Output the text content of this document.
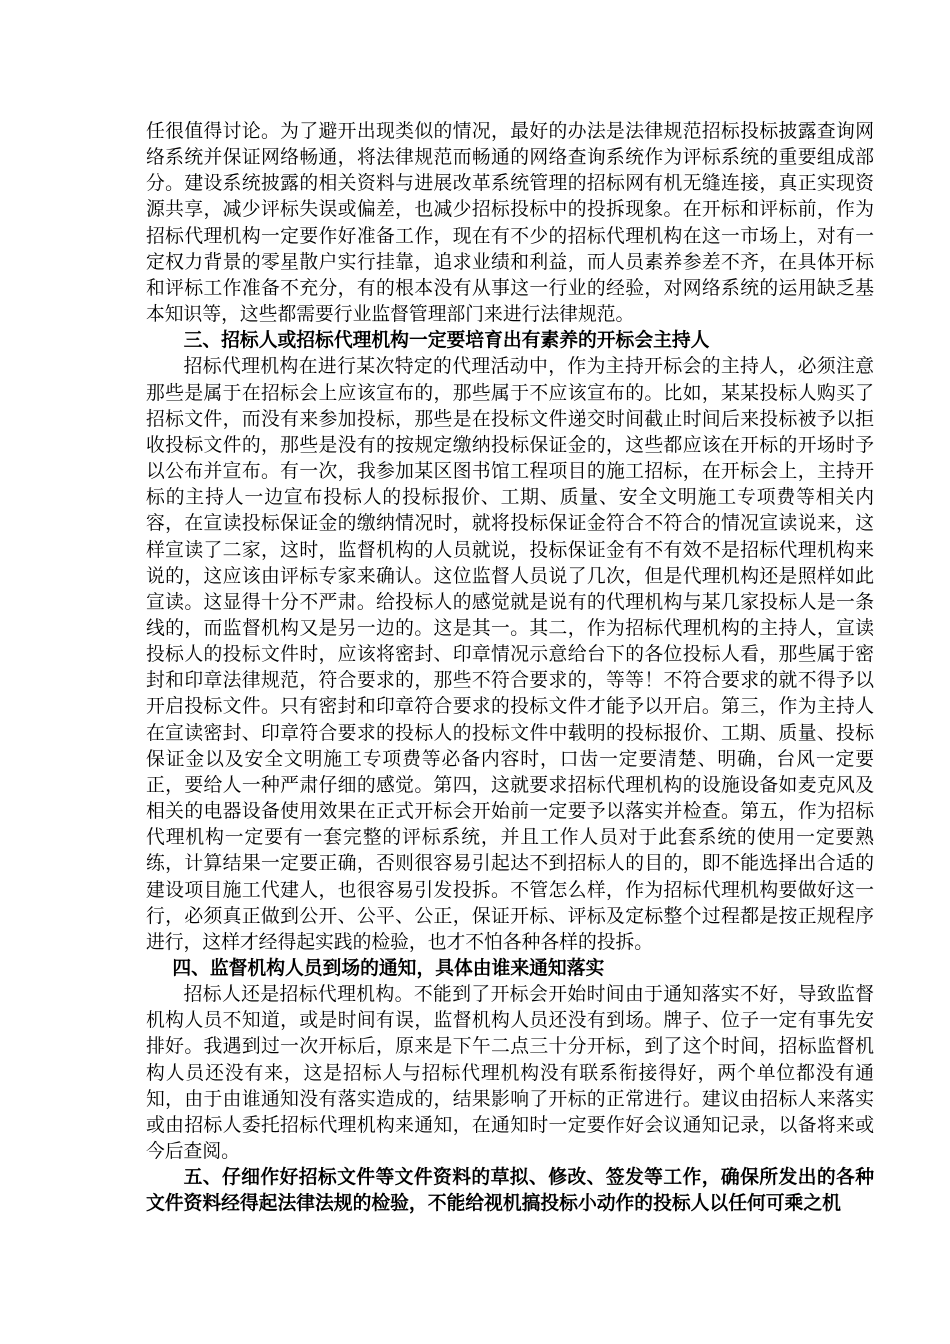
任很值得讨论。为了避开出现类似的情况，最好的办法是法律规范招标投标披露查询网络系统并保证网络畅通，将法律规范而畅通的网络查询系统作为评标系统的重要组成部分。建设系统披露的相关资料与进展改革系统管理的招标网有机无缝连接，真正实现资源共享，减少评标失误或偏差，也减少招标投标中的投拆现象。在开标和评标前，作为招标代理机构一定要作好准备工作，现在有不少的招标代理机构在这一市场上，对有一定权力背景的零星散户实行挂靠，追求业绩和利益，而人员素养参差不齐，在具体开标和评标工作准备不充分，有的根本没有从事这一行业的经验，对网络系统的运用缺乏基本知识等，这些都需要行业监督管理部门来进行法律规范。

三、招标人或招标代理机构一定要培育出有素养的开标会主持人

招标代理机构在进行某次特定的代理活动中，作为主持开标会的主持人，必须注意那些是属于在招标会上应该宣布的，那些属于不应该宣布的。比如，某某投标人购买了招标文件，而没有来参加投标，那些是在投标文件递交时间截止时间后来投标被予以拒收投标文件的，那些是没有的按规定缴纳投标保证金的，这些都应该在开标的开场时予以公布并宣布。有一次，我参加某区图书馆工程项目的施工招标，在开标会上，主持开标的主持人一边宣布投标人的投标报价、工期、质量、安全文明施工专项费等相关内容，在宣读投标保证金的缴纳情况时，就将投标保证金符合不符合的情况宣读说来，这样宣读了二家，这时，监督机构的人员就说，投标保证金有不有效不是招标代理机构来说的，这应该由评标专家来确认。这位监督人员说了几次，但是代理机构还是照样如此宣读。这显得十分不严肃。给投标人的感觉就是说有的代理机构与某几家投标人是一条线的，而监督机构又是另一边的。这是其一。其二，作为招标代理机构的主持人，宣读投标人的投标文件时，应该将密封、印章情况示意给台下的各位投标人看，那些属于密封和印章法律规范，符合要求的，那些不符合要求的，等等！不符合要求的就不得予以开启投标文件。只有密封和印章符合要求的投标文件才能予以开启。第三，作为主持人在宣读密封、印章符合要求的投标人的投标文件中载明的投标报价、工期、质量、投标保证金以及安全文明施工专项费等必备内容时，口齿一定要清楚、明确，台风一定要正，要给人一种严肃仔细的感觉。第四，这就要求招标代理机构的设施设备如麦克风及相关的电器设备使用效果在正式开标会开始前一定要予以落实并检查。第五，作为招标代理机构一定要有一套完整的评标系统，并且工作人员对于此套系统的使用一定要熟练，计算结果一定要正确，否则很容易引起达不到招标人的目的，即不能选择出合适的建设项目施工代建人，也很容易引发投拆。不管怎么样，作为招标代理机构要做好这一行，必须真正做到公开、公平、公正，保证开标、评标及定标整个过程都是按正规程序进行，这样才经得起实践的检验，也才不怕各种各样的投拆。

四、监督机构人员到场的通知，具体由谁来通知落实

招标人还是招标代理机构。不能到了开标会开始时间由于通知落实不好，导致监督机构人员不知道，或是时间有误，监督机构人员还没有到场。牌子、位子一定有事先安排好。我遇到过一次开标后，原来是下午二点三十分开标，到了这个时间，招标监督机构人员还没有来，这是招标人与招标代理机构没有联系衔接得好，两个单位都没有通知，由于由谁通知没有落实造成的，结果影响了开标的正常进行。建议由招标人来落实或由招标人委托招标代理机构来通知，在通知时一定要作好会议通知记录，以备将来或今后查阅。

五、仔细作好招标文件等文件资料的草拟、修改、签发等工作，确保所发出的各种文件资料经得起法律法规的检验，不能给视机搞投标小动作的投标人以任何可乘之机
